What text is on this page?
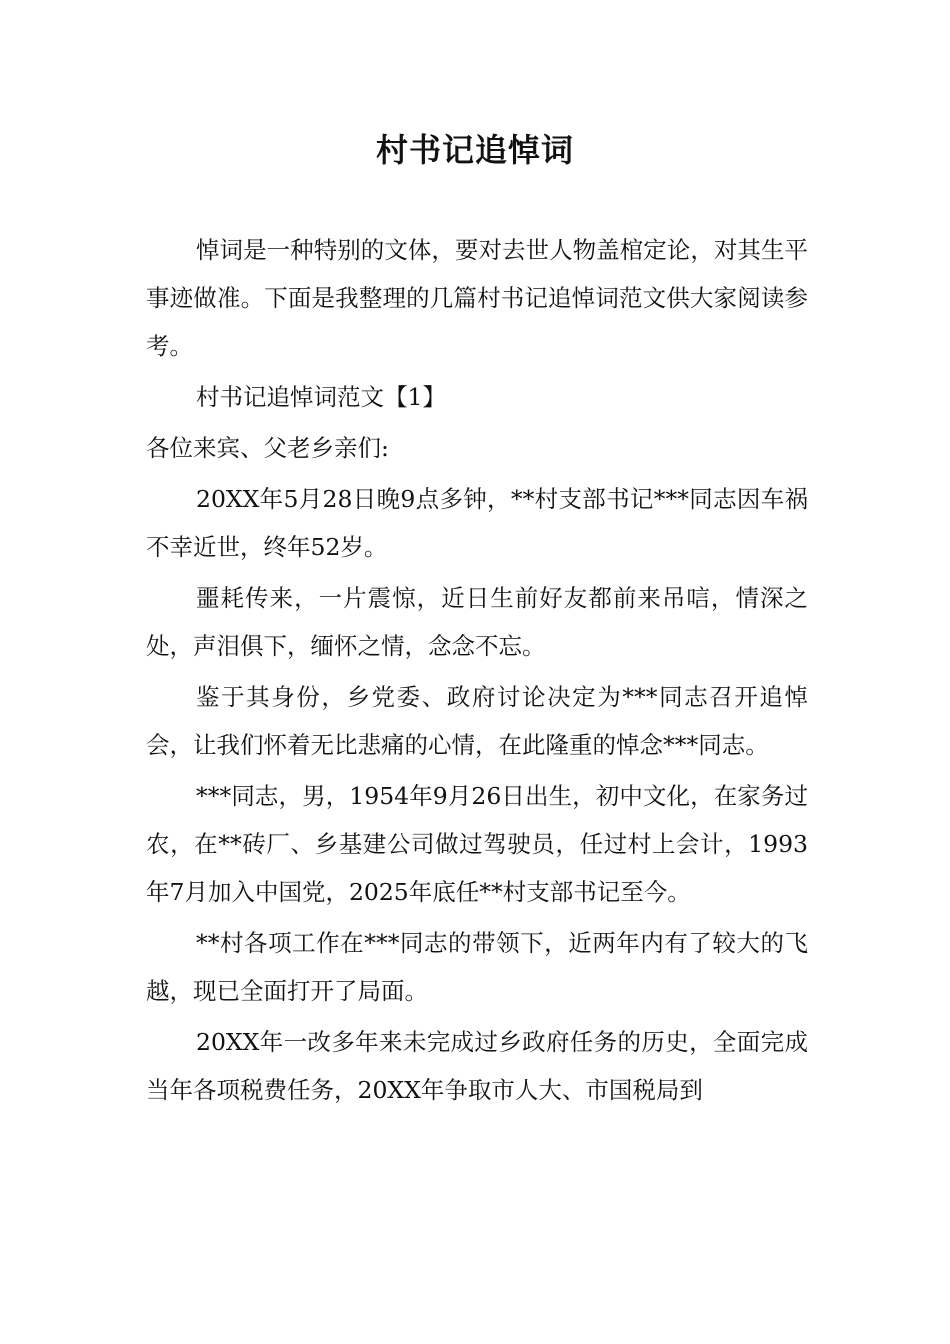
村书记追悼词

悼词是一种特别的文体，要对去世人物盖棺定论，对其生平事迹做准。下面是我整理的几篇村书记追悼词范文供大家阅读参考。

村书记追悼词范文【1】

各位来宾、父老乡亲们:

20XX年5月28日晚9点多钟，**村支部书记***同志因车祸不幸近世，终年52岁。

噩耗传来，一片震惊，近日生前好友都前来吊唁，情深之处，声泪俱下，缅怀之情，念念不忘。

鉴于其身份，乡党委、政府讨论决定为***同志召开追悼会，让我们怀着无比悲痛的心情，在此隆重的悼念***同志。

***同志，男，1954年9月26日出生，初中文化，在家务过农，在**砖厂、乡基建公司做过驾驶员，任过村上会计，1993年7月加入中国党，2025年底任**村支部书记至今。

**村各项工作在***同志的带领下，近两年内有了较大的飞越，现已全面打开了局面。

20XX年一改多年来未完成过乡政府任务的历史，全面完成当年各项税费任务，20XX年争取市人大、市国税局到
